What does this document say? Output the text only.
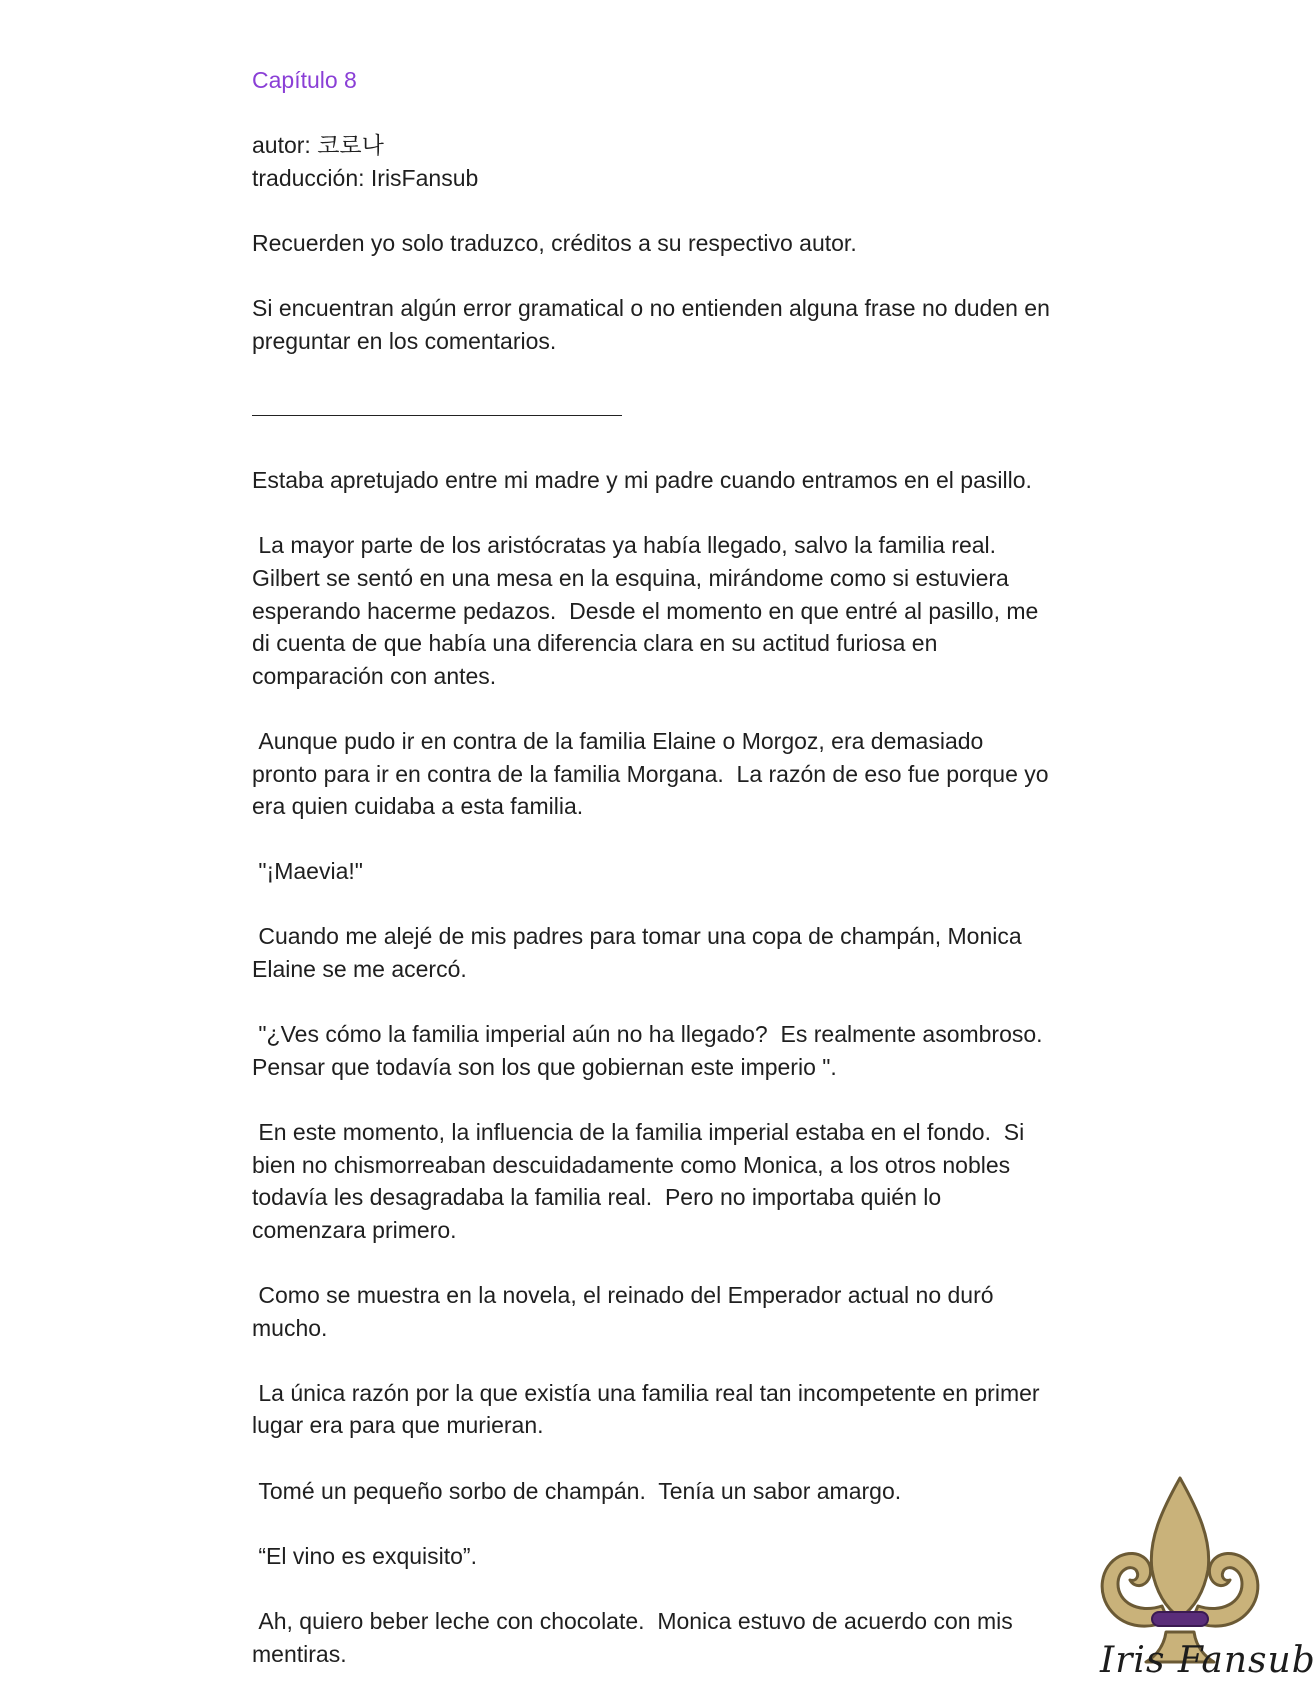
Capítulo 8

autor: 코로나

traducción: IrisFansub

Recuerden yo solo traduzco, créditos a su respectivo autor.

Si encuentran algún error gramatical o no entienden alguna frase no duden en preguntar en los comentarios.

Estaba apretujado entre mi madre y mi padre cuando entramos en el pasillo.

La mayor parte de los aristócratas ya había llegado, salvo la familia real.  Gilbert se sentó en una mesa en la esquina, mirándome como si estuviera esperando hacerme pedazos.  Desde el momento en que entré al pasillo, me di cuenta de que había una diferencia clara en su actitud furiosa en comparación con antes.

Aunque pudo ir en contra de la familia Elaine o Morgoz, era demasiado pronto para ir en contra de la familia Morgana.  La razón de eso fue porque yo era quien cuidaba a esta familia.

"¡Maevia!"

Cuando me alejé de mis padres para tomar una copa de champán, Monica Elaine se me acercó.

"¿Ves cómo la familia imperial aún no ha llegado?  Es realmente asombroso.  Pensar que todavía son los que gobiernan este imperio ".

En este momento, la influencia de la familia imperial estaba en el fondo.  Si bien no chismorreaban descuidadamente como Monica, a los otros nobles todavía les desagradaba la familia real.  Pero no importaba quién lo comenzara primero.

Como se muestra en la novela, el reinado del Emperador actual no duró mucho.

La única razón por la que existía una familia real tan incompetente en primer lugar era para que murieran.

Tomé un pequeño sorbo de champán.  Tenía un sabor amargo.

“El vino es exquisito”.

Ah, quiero beber leche con chocolate.  Monica estuvo de acuerdo con mis mentiras.	Iris Fansub
